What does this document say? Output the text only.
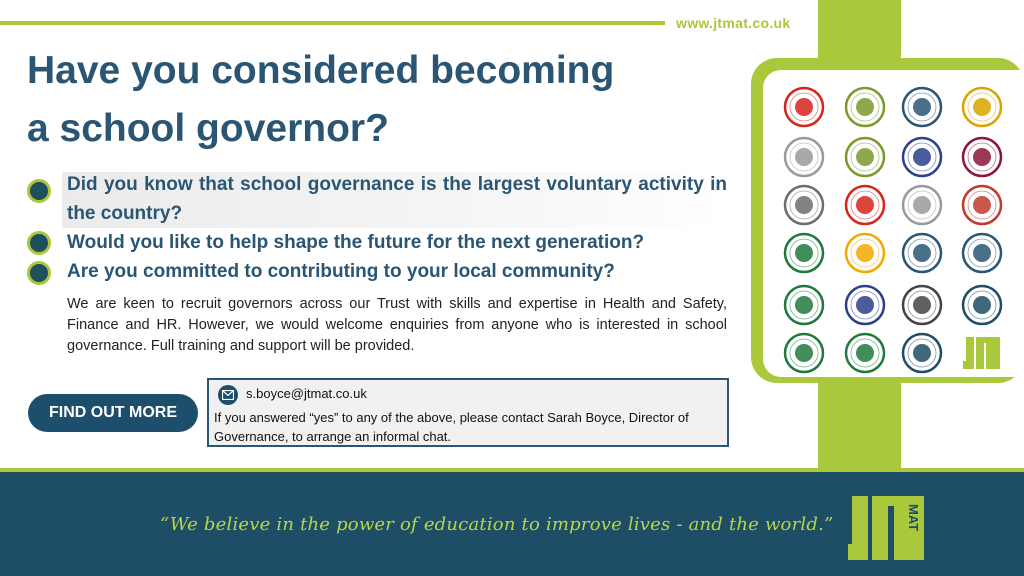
www.jtmat.co.uk
Have you considered becoming
a school governor?
Did you know that school governance is the largest voluntary activity in the country?
Would you like to help shape the future for the next generation?
Are you committed to contributing to your local community?

We are keen to recruit governors across our Trust with skills and expertise in Health and Safety, Finance and HR. However, we would welcome enquiries from anyone who is interested in school governance. Full training and support will be provided.

FIND OUT MORE
s.boyce@jtmat.co.uk

If you answered “yes” to any of the above, please contact Sarah Boyce, Director of Governance, to arrange an informal chat.

“We believe in the power of education to improve lives - and the world.”	MAT
